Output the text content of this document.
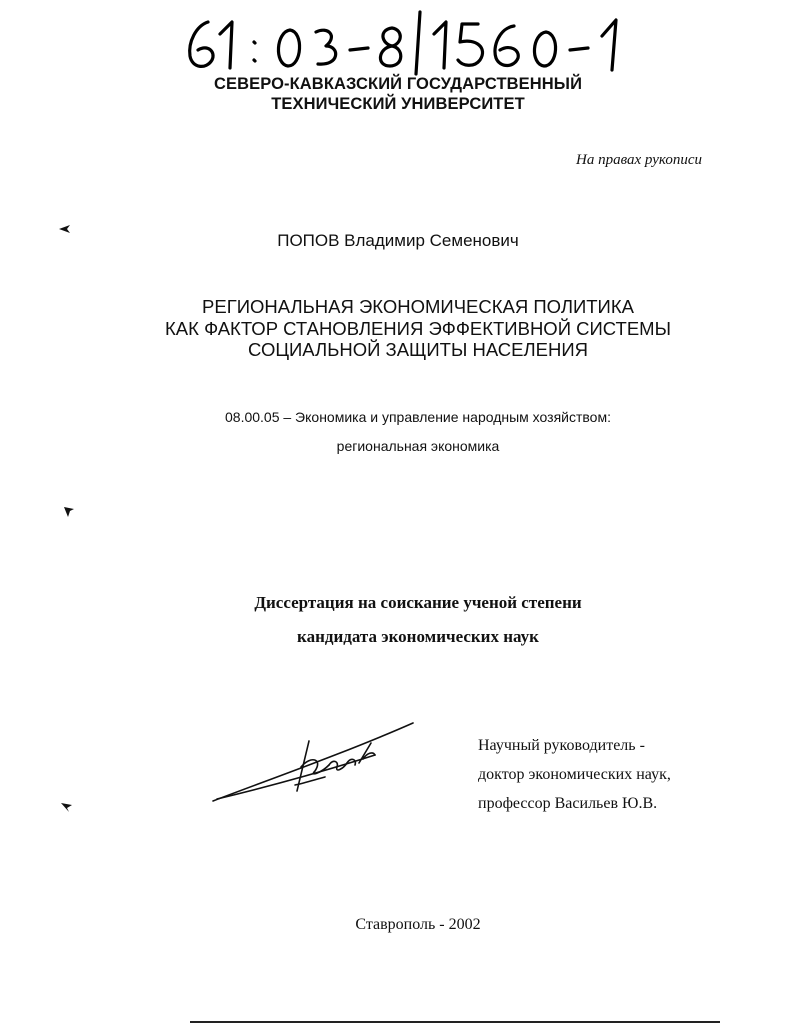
СЕВЕРО-КАВКАЗСКИЙ ГОСУДАРСТВЕННЫЙ
ТЕХНИЧЕСКИЙ УНИВЕРСИТЕТ
На правах рукописи
ПОПОВ Владимир Семенович
РЕГИОНАЛЬНАЯ ЭКОНОМИЧЕСКАЯ ПОЛИТИКА
КАК ФАКТОР СТАНОВЛЕНИЯ ЭФФЕКТИВНОЙ СИСТЕМЫ
СОЦИАЛЬНОЙ ЗАЩИТЫ НАСЕЛЕНИЯ
08.00.05 – Экономика и управление народным хозяйством:
региональная экономика
Диссертация на соискание ученой степени
кандидата экономических наук
Научный руководитель -
доктор экономических наук,
профессор Васильев Ю.В.
Ставрополь - 2002
